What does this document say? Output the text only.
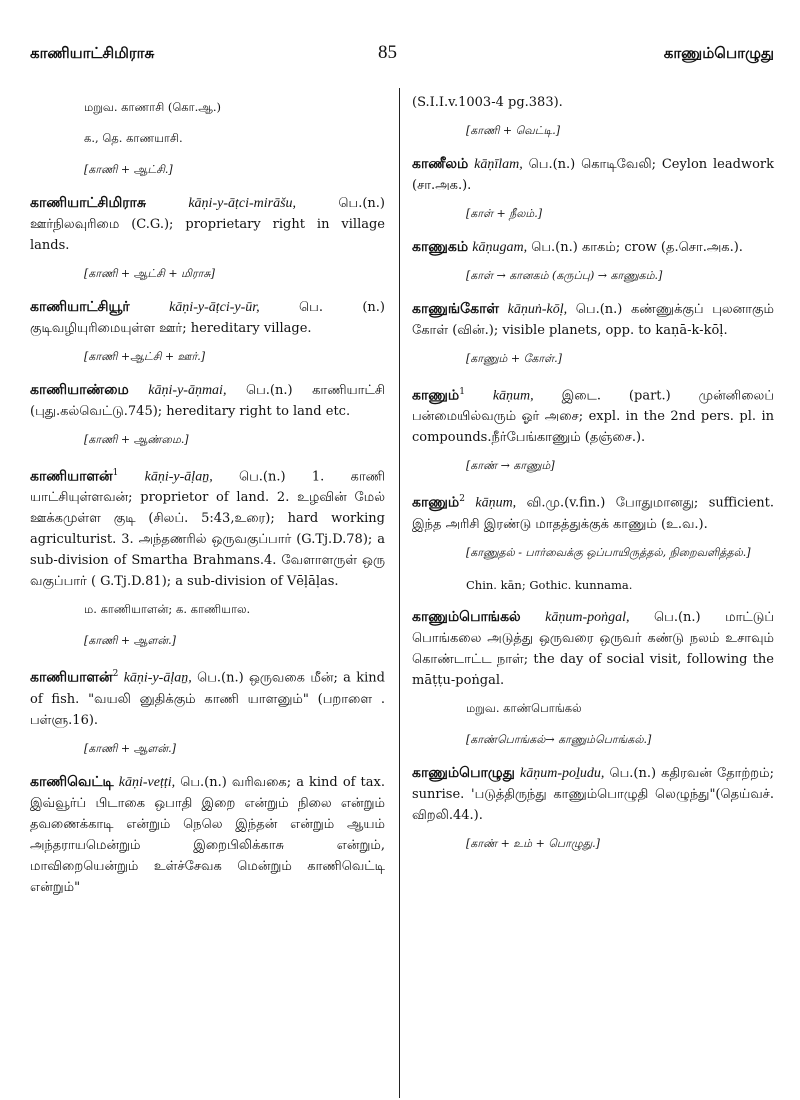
காணியாட்சிமிராசு	85	காணும்பொழுது
மறுவ. காணாசி (கொ.ஆ.)
க., தெ. காணயாசி.
[காணி + ஆட்சி.]

காணியாட்சிமிராசு	kāṇi-y-āṭci-mirāšu, பெ.(n.) ஊர்நிலவுரிமை (C.G.); proprietary right in village lands.

[காணி + ஆட்சி + மிராசு]

காணியாட்சியூர்	kāṇi-y-āṭci-y-ūr, பெ. (n.) குடிவழியுரிமையுள்ள ஊர்; hereditary village.

[காணி +ஆட்சி + ஊர்.]

காணியாண்மை kāṇi-y-āṇmai, பெ.(n.) காணியாட்சி (புது.கல்வெட்டு.745); hereditary right to land etc.

[காணி + ஆண்மை.]

காணியாளன்$^1$ kāṇi-y-āḷaṉ, பெ.(n.) 1. காணி யாட்சியுள்ளவன்; proprietor of land. 2. உழவின் மேல் ஊக்கமுள்ள குடி (சிலப். 5:43,உரை); hard working agriculturist. 3. அந்தணரில் ஒருவகுப்பார் (G.Tj.D.78); a sub-division of Smartha Brahmans.4. வேளாளருள் ஒரு வகுப்பார் ( G.Tj.D.81); a sub-division of Vēḷāḷas.

ம. காணியாளன்; க. காணியால.
[காணி + ஆளன்.]

காணியாளன்$^2$ kāṇi-y-āḷaṉ, பெ.(n.) ஒருவகை மீன்; a kind of fish. "வயலி னுதிக்கும் காணி யாளனும்" (பறாளை . பள்ளு.16).

[காணி + ஆளன்.]

காணிவெட்டி kāṇi-veṭṭi, பெ.(n.) வரிவகை; a kind of tax. இவ்வூர்ப் பிடாகை ஒபாதி இறை என்றும் நிலை என்றும் தவணைக்காடி என்றும் நெலெ இந்தன் என்றும் ஆயம் அந்தராயமென்றும் இறைபிலிக்காசு என்றும், மாவிறையென்றும் உள்ச்சேவக மென்றும் காணிவெட்டி என்றும்"

(S.I.I.v.1003-4 pg.383).

[காணி + வெட்டி.]

காணீலம் kāṇīlam, பெ.(n.) கொடிவேலி; Ceylon leadwork (சா.அக.).

[காள் + நீலம்.]

காணுகம் kāṇugam, பெ.(n.) காகம்; crow (த.சொ.அக.).

[காள் → கானகம் (கருப்பு) → காணுகம்.]

காணுங்கோள் kāṇuṅ-kōḷ, பெ.(n.) கண்ணுக்குப் புலனாகும் கோள் (வின்.); visible planets, opp. to kaṇā-k-kōḷ.

[காணும் + கோள்.]

காணும்$^1$ kāṇum, இடை. (part.) முன்னிலைப் பன்மையில்வரும் ஓர் அசை; expl. in the 2nd pers. pl. in compounds.நீர்பேங்காணும் (தஞ்சை.).

[காண் → காணும்]

காணும்$^2$ kāṇum, வி.மு.(v.fin.) போதுமானது; sufficient. இந்த அரிசி இரண்டு மாதத்துக்குக் காணும் (உ.வ.).

[காணுதல் ‐ பார்வைக்கு ஒப்பாயிருத்தல், நிறைவளித்தல்.]
Chin. kān; Gothic. kunnama.

காணும்பொங்கல் kāṇum-poṅgal, பெ.(n.) மாட்டுப் பொங்கலை அடுத்து ஒருவரை ஒருவர் கண்டு நலம் உசாவும் கொண்டாட்ட நாள்; the day of social visit, following the māṭṭu-poṅgal.

மறுவ. காண்பொங்கல்
[காண்பொங்கல்→ காணும்பொங்கல்.]

காணும்பொழுது kāṇum-poḻudu, பெ.(n.) கதிரவன் தோற்றம்; sunrise. 'படுத்திருந்து காணும்பொழுதி லெழுந்து"(தெய்வச். விறலி.44.).

[காண் + உம் + பொழுது.]
